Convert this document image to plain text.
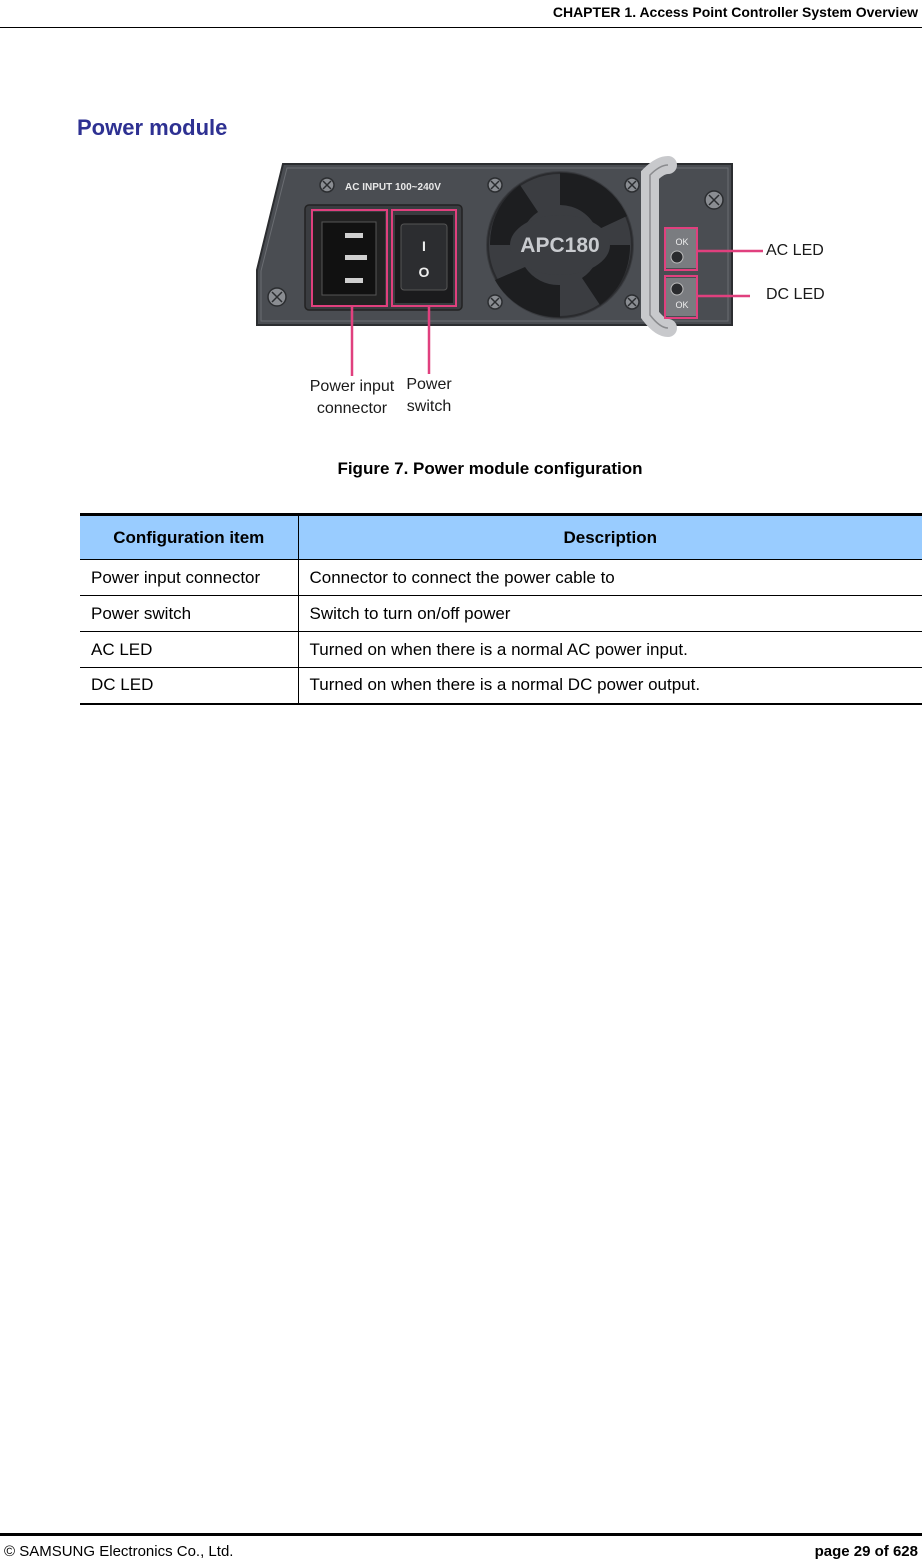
CHAPTER 1. Access Point Controller System Overview
Power module
AC INPUT 100~240V
I
O
APC180	OK
OK
AC LED
DC LED
Power input
connector
Power
switch
Figure 7. Power module configuration
Configuration item	Description
Power input connector	Connector to connect the power cable to
Power switch	Switch to turn on/off power
AC LED	Turned on when there is a normal AC power input.
DC LED	Turned on when there is a normal DC power output.
© SAMSUNG Electronics Co., Ltd.	page 29 of 628
